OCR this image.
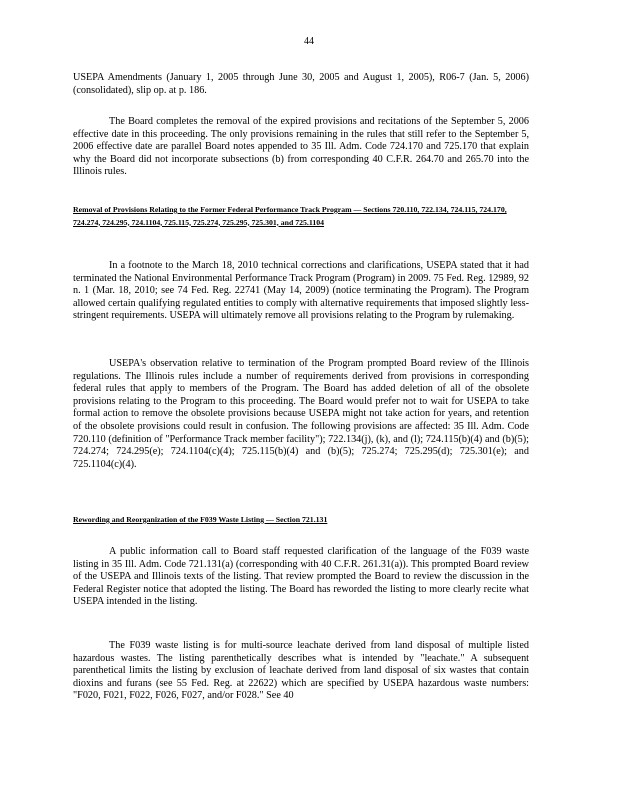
44
USEPA Amendments (January 1, 2005 through June 30, 2005 and August 1, 2005), R06-7 (Jan. 5, 2006) (consolidated), slip op. at p. 186.
The Board completes the removal of the expired provisions and recitations of the September 5, 2006 effective date in this proceeding. The only provisions remaining in the rules that still refer to the September 5, 2006 effective date are parallel Board notes appended to 35 Ill. Adm. Code 724.170 and 725.170 that explain why the Board did not incorporate subsections (b) from corresponding 40 C.F.R. 264.70 and 265.70 into the Illinois rules.
Removal of Provisions Relating to the Former Federal Performance Track Program — Sections 720.110, 722.134, 724.115, 724.170, 724.274, 724.295, 724.1104, 725.115, 725.274, 725.295, 725.301, and 725.1104
In a footnote to the March 18, 2010 technical corrections and clarifications, USEPA stated that it had terminated the National Environmental Performance Track Program (Program) in 2009. 75 Fed. Reg. 12989, 92 n. 1 (Mar. 18, 2010; see 74 Fed. Reg. 22741 (May 14, 2009) (notice terminating the Program). The Program allowed certain qualifying regulated entities to comply with alternative requirements that imposed slightly less-stringent requirements. USEPA will ultimately remove all provisions relating to the Program by rulemaking.
USEPA's observation relative to termination of the Program prompted Board review of the Illinois regulations. The Illinois rules include a number of requirements derived from provisions in corresponding federal rules that apply to members of the Program. The Board has added deletion of all of the obsolete provisions relating to the Program to this proceeding. The Board would prefer not to wait for USEPA to take formal action to remove the obsolete provisions because USEPA might not take action for years, and retention of the obsolete provisions could result in confusion. The following provisions are affected: 35 Ill. Adm. Code 720.110 (definition of "Performance Track member facility"); 722.134(j), (k), and (l); 724.115(b)(4) and (b)(5); 724.274; 724.295(e); 724.1104(c)(4); 725.115(b)(4) and (b)(5); 725.274; 725.295(d); 725.301(e); and 725.1104(c)(4).
Rewording and Reorganization of the F039 Waste Listing — Section 721.131
A public information call to Board staff requested clarification of the language of the F039 waste listing in 35 Ill. Adm. Code 721.131(a) (corresponding with 40 C.F.R. 261.31(a)). This prompted Board review of the USEPA and Illinois texts of the listing. That review prompted the Board to review the discussion in the Federal Register notice that adopted the listing. The Board has reworded the listing to more clearly recite what USEPA intended in the listing.
The F039 waste listing is for multi-source leachate derived from land disposal of multiple listed hazardous wastes. The listing parenthetically describes what is intended by "leachate." A subsequent parenthetical limits the listing by exclusion of leachate derived from land disposal of six wastes that contain dioxins and furans (see 55 Fed. Reg. at 22622) which are specified by USEPA hazardous waste numbers: "F020, F021, F022, F026, F027, and/or F028." See 40
